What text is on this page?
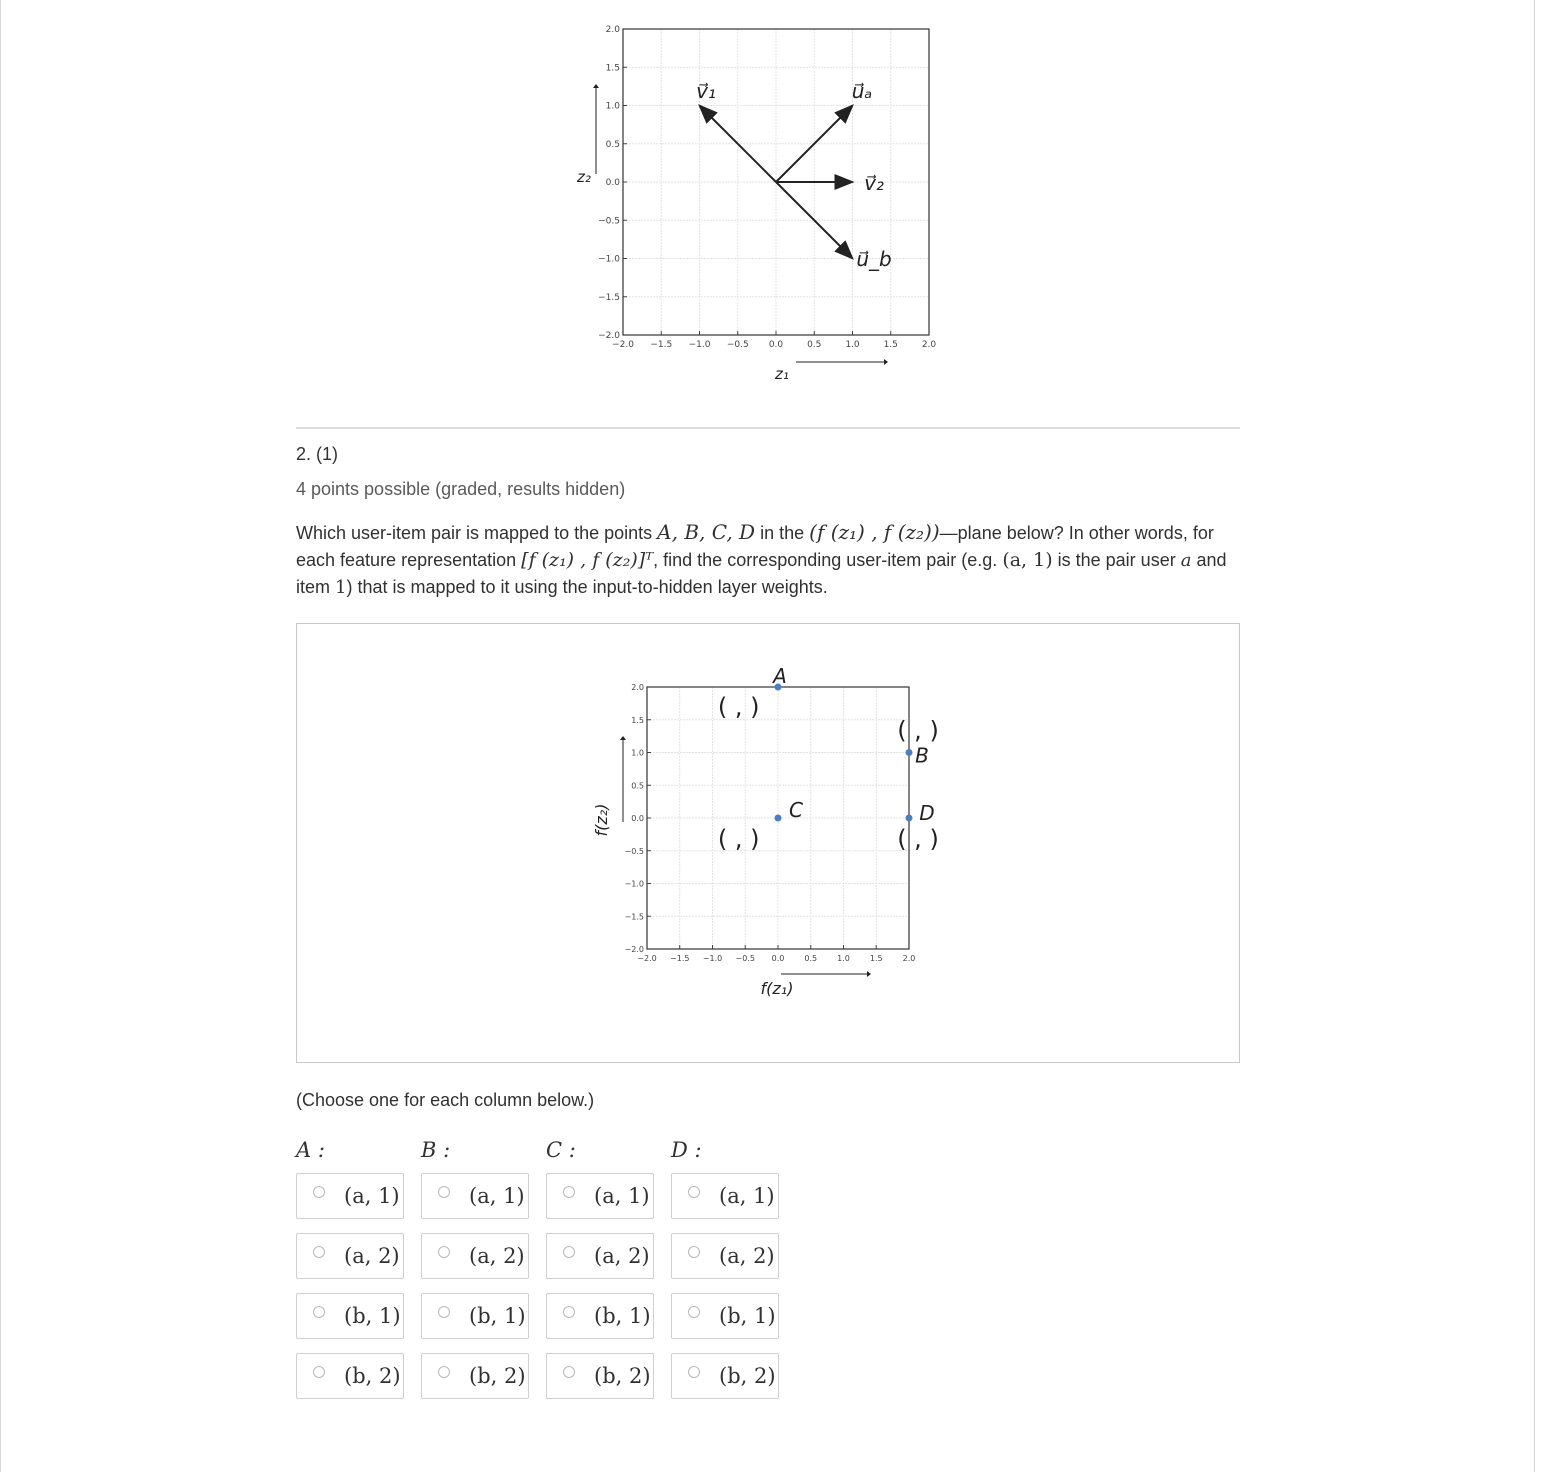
−2.0
2.0
−1.5
1.5
−1.0
1.0
−0.5
0.5
0.0
0.0
0.5
−0.5
1.0
−1.0
1.5
−1.5
2.0
−2.0
v⃗₁	u⃗ₐ
v⃗₂
u⃗_b
z₁
z₂
2. (1)
4 points possible (graded, results hidden)
Which user-item pair is mapped to the points A, B, C, D in the (f (z₁) , f (z₂))—plane below? In other words, for each feature representation [f (z₁) , f (z₂)]ᵀ, find the corresponding user-item pair (e.g. (a, 1) is the pair user a and item 1) that is mapped to it using the input-to-hidden layer weights.
−2.0
2.0
−1.5
1.5
−1.0
1.0
−0.5
0.5
0.0
0.0
0.5
−0.5
1.0
−1.0
1.5
−1.5
2.0
−2.0
A
( , )
B
( , )
C
( , )
D
( , )
f(z₁)
f(z₂)
(Choose one for each column below.)
A :
(a, 1)
(a, 2)
(b, 1)
(b, 2)
B :
(a, 1)
(a, 2)
(b, 1)
(b, 2)
C :
(a, 1)
(a, 2)
(b, 1)
(b, 2)
D :
(a, 1)
(a, 2)
(b, 1)
(b, 2)
